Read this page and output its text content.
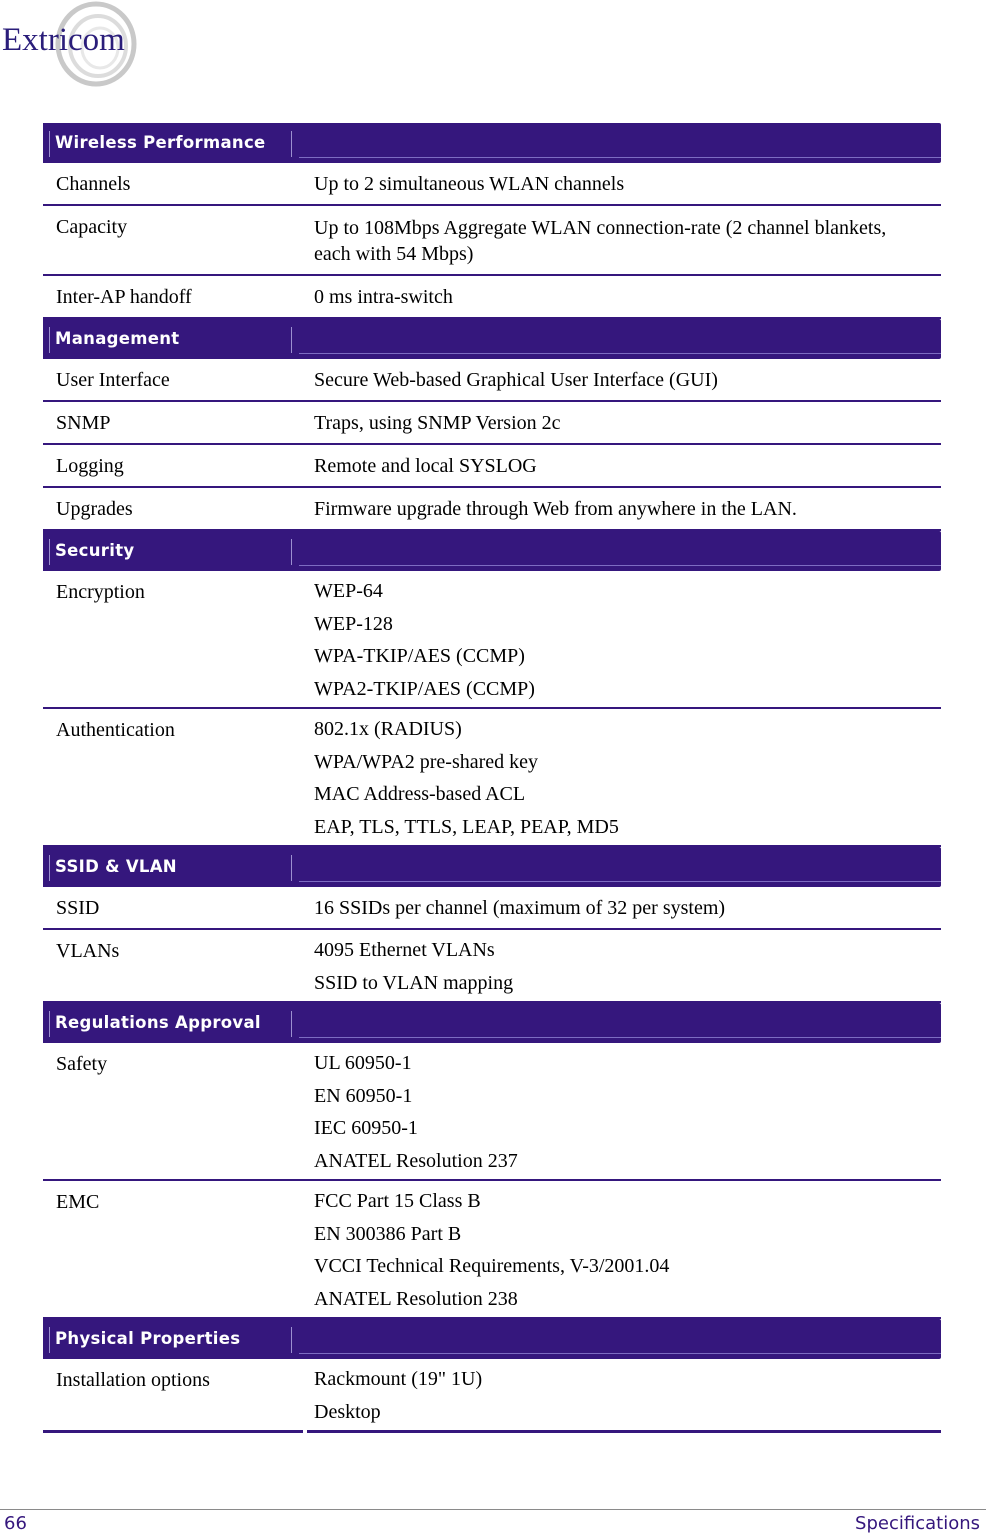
Extricom
Wireless Performance
Channels	Up to 2 simultaneous WLAN channels
Capacity	Up to 108Mbps Aggregate WLAN connection-rate (2 channel blankets, each with 54 Mbps)
Inter-AP handoff	0 ms intra-switch
Management
User Interface	Secure Web-based Graphical User Interface (GUI)
SNMP	Traps, using SNMP Version 2c
Logging	Remote and local SYSLOG
Upgrades	Firmware upgrade through Web from anywhere in the LAN.
Security
Encryption	WEP-64
WEP-128
WPA-TKIP/AES (CCMP)
WPA2-TKIP/AES (CCMP)
Authentication	802.1x (RADIUS)
WPA/WPA2 pre-shared key
MAC Address-based ACL
EAP, TLS, TTLS, LEAP, PEAP, MD5
SSID & VLAN
SSID	16 SSIDs per channel (maximum of 32 per system)
VLANs	4095 Ethernet VLANs
SSID to VLAN mapping
Regulations Approval
Safety	UL 60950-1
EN 60950-1
IEC 60950-1
ANATEL Resolution 237
EMC	FCC Part 15 Class B
EN 300386 Part B
VCCI Technical Requirements, V-3/2001.04
ANATEL Resolution 238
Physical Properties
Installation options	Rackmount (19" 1U)
Desktop
66	Specifications
